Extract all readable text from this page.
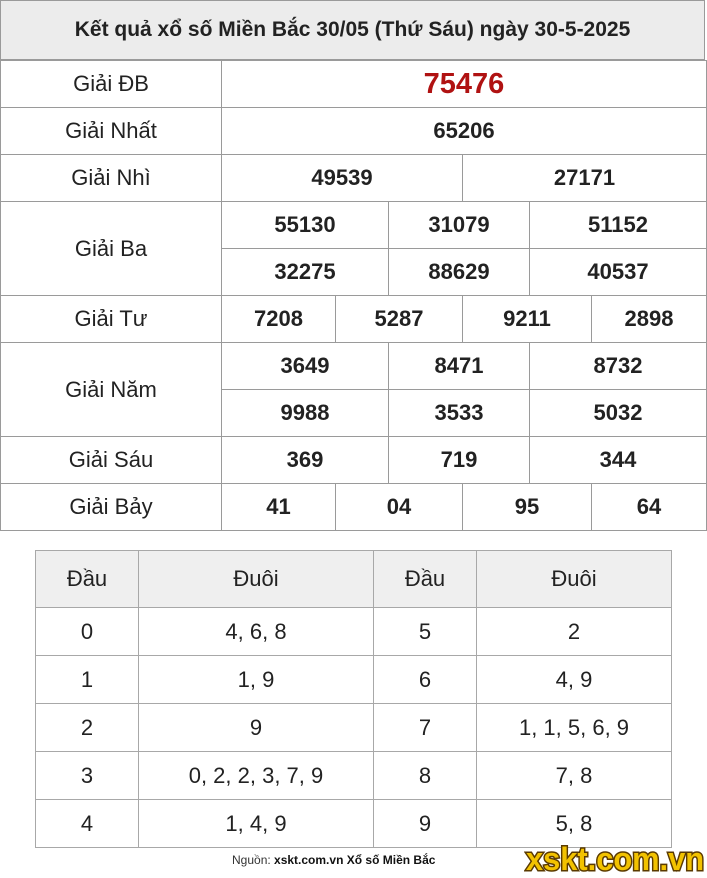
Kết quả xổ số Miền Bắc 30/05 (Thứ Sáu) ngày 30-5-2025
Giải ĐB	75476					
Giải Nhất	65206					
Giải Nhì	49539			27171		
Giải Ba	55130		31079		51152	
	32275		88629		40537	
Giải Tư	7208	5287		9211		2898
Giải Năm	3649		8471		8732	
	9988		3533		5032	
Giải Sáu	369		719		344	
Giải Bảy	41	04		95		64
Đầu	Đuôi	Đầu	Đuôi
0	4, 6, 8	5	2
1	1, 9	6	4, 9
2	9	7	1, 1, 5, 6, 9
3	0, 2, 2, 3, 7, 9	8	7, 8
4	1, 4, 9	9	5, 8
Nguồn: xskt.com.vn Xổ số Miền Bắc	xskt.com.vn
